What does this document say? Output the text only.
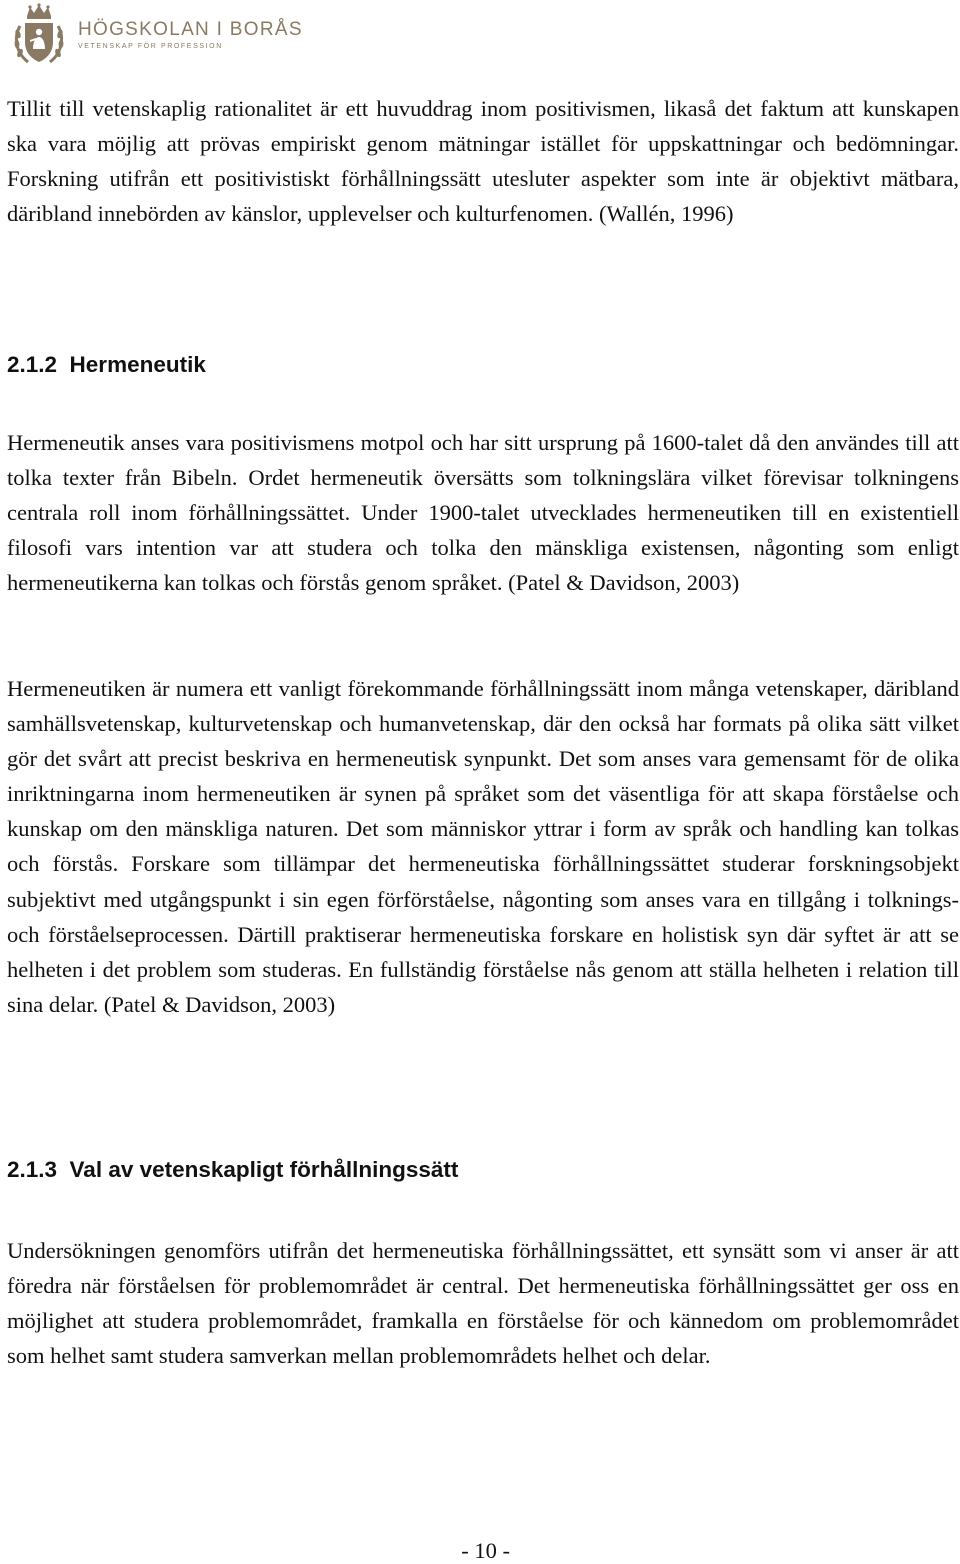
HÖGSKOLAN I BORÅS
VETENSKAP FÖR PROFESSION

Tillit till vetenskaplig rationalitet är ett huvuddrag inom positivismen, likaså det faktum att kunskapen ska vara möjlig att prövas empiriskt genom mätningar istället för uppskattningar och bedömningar. Forskning utifrån ett positivistiskt förhållningssätt utesluter aspekter som inte är objektivt mätbara, däribland innebörden av känslor, upplevelser och kulturfenomen. (Wallén, 1996)

2.1.2  Hermeneutik

Hermeneutik anses vara positivismens motpol och har sitt ursprung på 1600-talet då den användes till att tolka texter från Bibeln. Ordet hermeneutik översätts som tolkningslära vilket förevisar tolkningens centrala roll inom förhållningssättet. Under 1900-talet utvecklades hermeneutiken till en existentiell filosofi vars intention var att studera och tolka den mänskliga existensen, någonting som enligt hermeneutikerna kan tolkas och förstås genom språket. (Patel & Davidson, 2003)

Hermeneutiken är numera ett vanligt förekommande förhållningssätt inom många vetenskaper, däribland samhällsvetenskap, kulturvetenskap och humanvetenskap, där den också har formats på olika sätt vilket gör det svårt att precist beskriva en hermeneutisk synpunkt. Det som anses vara gemensamt för de olika inriktningarna inom hermeneutiken är synen på språket som det väsentliga för att skapa förståelse och kunskap om den mänskliga naturen. Det som människor yttrar i form av språk och handling kan tolkas och förstås. Forskare som tillämpar det hermeneutiska förhållningssättet studerar forskningsobjekt subjektivt med utgångspunkt i sin egen förförståelse, någonting som anses vara en tillgång i tolknings- och förståelseprocessen. Därtill praktiserar hermeneutiska forskare en holistisk syn där syftet är att se helheten i det problem som studeras. En fullständig förståelse nås genom att ställa helheten i relation till sina delar. (Patel & Davidson, 2003)

2.1.3  Val av vetenskapligt förhållningssätt

Undersökningen genomförs utifrån det hermeneutiska förhållningssättet, ett synsätt som vi anser är att föredra när förståelsen för problemområdet är central. Det hermeneutiska förhållningssättet ger oss en möjlighet att studera problemområdet, framkalla en förståelse för och kännedom om problemområdet som helhet samt studera samverkan mellan problemområdets helhet och delar.

- 10 -
